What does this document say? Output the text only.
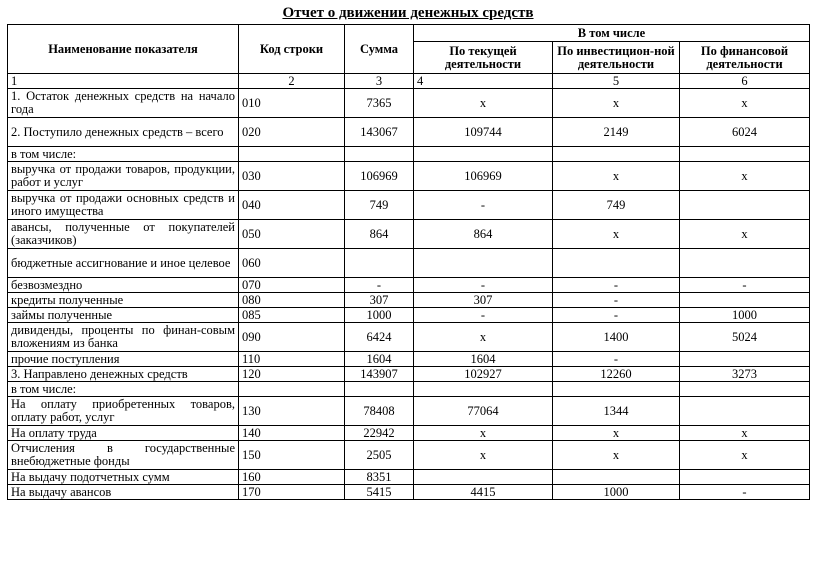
Отчет о движении денежных средств
Наименование показателя	Код строки	Сумма	В том числе		
			По текущей деятельности	По инвестицион-ной деятельности	По финансовой деятельности
1	2	3	4	5	6
1. Остаток денежных средств на начало года	010	7365	x	x	x
2. Поступило денежных средств – всего	020	143067	109744	2149	6024
в том числе:					
выручка от продажи товаров, продукции, работ и услуг	030	106969	106969	x	x
выручка от продажи основных средств и иного имущества	040	749	-	749	
авансы, полученные от покупателей (заказчиков)	050	864	864	x	x
бюджетные ассигнование и иное целевое	060				
безвозмездно	070	-	-	-	-
кредиты полученные	080	307	307	-	
займы полученные	085	1000	-	-	1000
дивиденды, проценты по финан-совым вложениям из банка	090	6424	x	1400	5024
прочие поступления	110	1604	1604	-	
3. Направлено денежных средств	120	143907	102927	12260	3273
в том числе:					
На оплату приобретенных товаров, оплату работ, услуг	130	78408	77064	1344	
На оплату труда	140	22942	x	x	x
Отчисления в государственные внебюджетные фонды	150	2505	x	x	x
На выдачу подотчетных сумм	160	8351			
На выдачу авансов	170	5415	4415	1000	-
